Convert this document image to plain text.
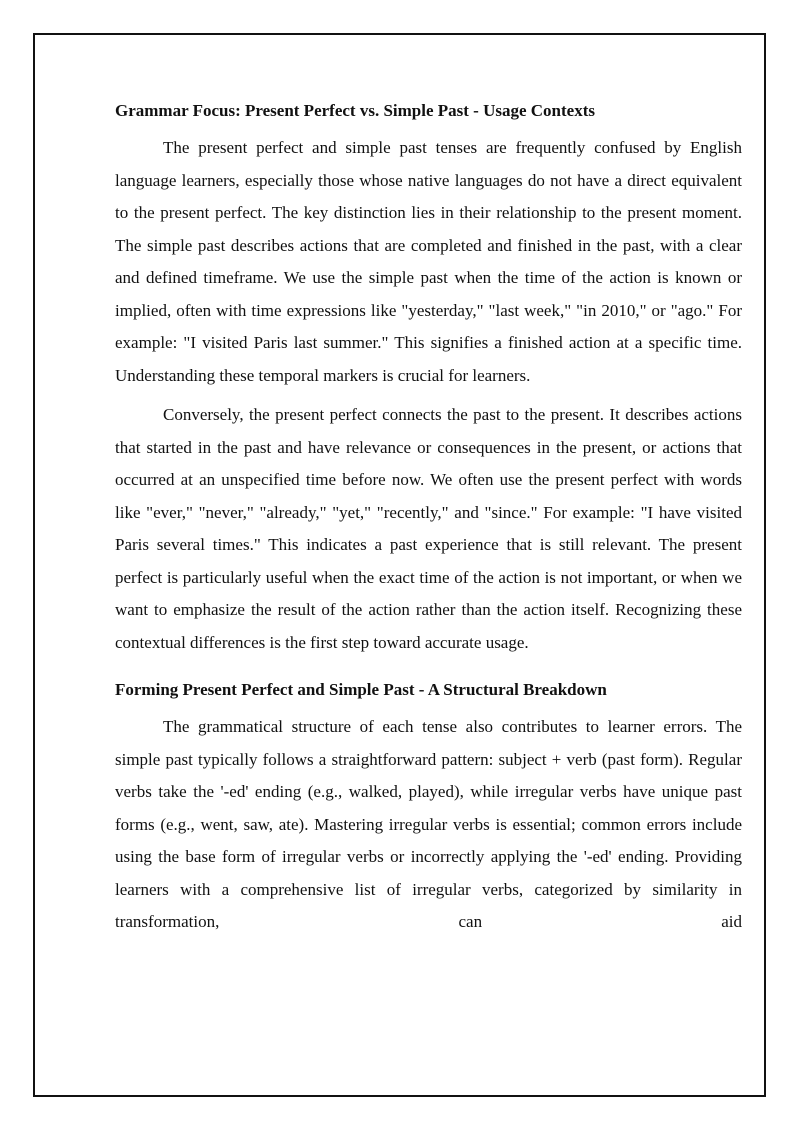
Grammar Focus: Present Perfect vs. Simple Past - Usage Contexts

The present perfect and simple past tenses are frequently confused by English language learners, especially those whose native languages do not have a direct equivalent to the present perfect. The key distinction lies in their relationship to the present moment. The simple past describes actions that are completed and finished in the past, with a clear and defined timeframe. We use the simple past when the time of the action is known or implied, often with time expressions like "yesterday," "last week," "in 2010," or "ago." For example: "I visited Paris last summer." This signifies a finished action at a specific time. Understanding these temporal markers is crucial for learners.

Conversely, the present perfect connects the past to the present. It describes actions that started in the past and have relevance or consequences in the present, or actions that occurred at an unspecified time before now. We often use the present perfect with words like "ever," "never," "already," "yet," "recently," and "since." For example: "I have visited Paris several times." This indicates a past experience that is still relevant. The present perfect is particularly useful when the exact time of the action is not important, or when we want to emphasize the result of the action rather than the action itself. Recognizing these contextual differences is the first step toward accurate usage.

Forming Present Perfect and Simple Past - A Structural Breakdown

The grammatical structure of each tense also contributes to learner errors. The simple past typically follows a straightforward pattern: subject + verb (past form). Regular verbs take the '-ed' ending (e.g., walked, played), while irregular verbs have unique past forms (e.g., went, saw, ate). Mastering irregular verbs is essential; common errors include using the base form of irregular verbs or incorrectly applying the '-ed' ending. Providing learners with a comprehensive list of irregular verbs, categorized by similarity in transformation, can aid
